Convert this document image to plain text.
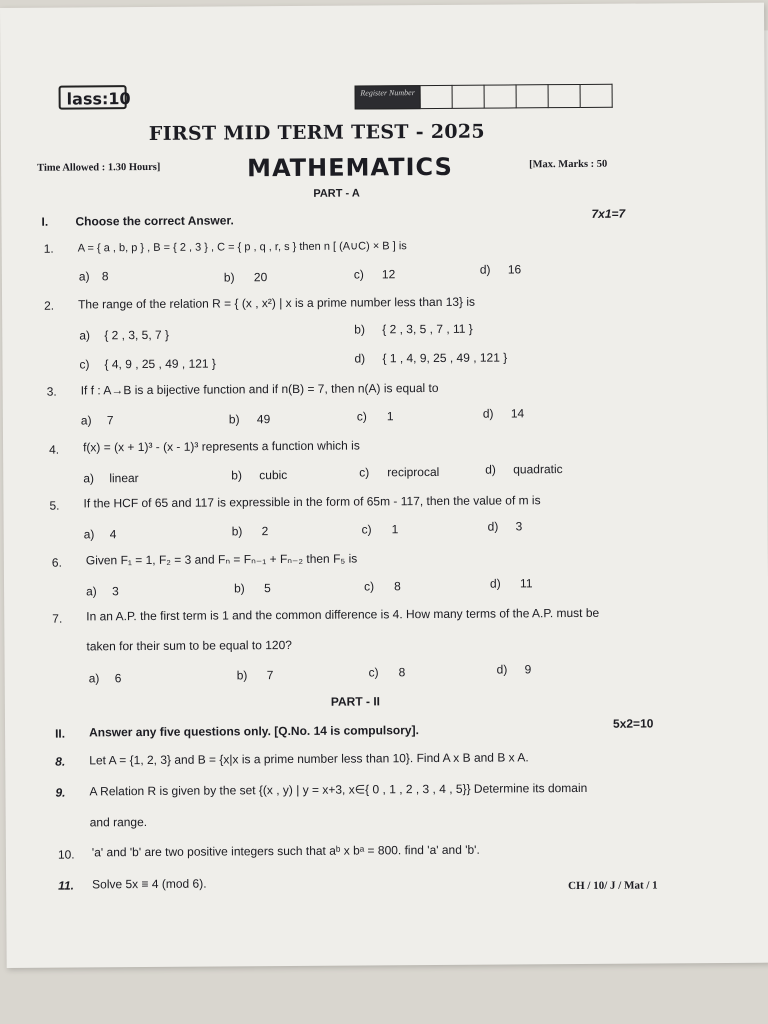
lass:10	Register Number
FIRST MID TERM TEST - 2025
Time Allowed : 1.30 Hours]	MATHEMATICS	[Max. Marks : 50
PART - A
I. Choose the correct Answer.	7x1=7
1. A = { a , b, p } , B = { 2 , 3 } , C = { p , q , r, s } then n [ (A∪C) × B ] is
a) 8	b) 20	c) 12	d) 16
2. The range of the relation R = { (x , x²) | x is a prime number less than 13} is
a) { 2 , 3, 5, 7 }	b) { 2 , 3, 5 , 7 , 11 }
c) { 4, 9 , 25 , 49 , 121 }	d) { 1 , 4, 9, 25 , 49 , 121 }
3. If f : A→B is a bijective function and if n(B) = 7, then n(A) is equal to
a) 7	b) 49	c) 1	d) 14
4. f(x) = (x + 1)³ - (x - 1)³ represents a function which is
a) linear	b) cubic	c) reciprocal	d) quadratic
5. If the HCF of 65 and 117 is expressible in the form of 65m - 117, then the value of m is
a) 4	b) 2	c) 1	d) 3
6. Given F₁ = 1, F₂ = 3 and Fₙ = Fₙ₋₁ + Fₙ₋₂ then F₅ is
a) 3	b) 5	c) 8	d) 11
7. In an A.P. the first term is 1 and the common difference is 4. How many terms of the A.P. must be
taken for their sum to be equal to 120?
a) 6	b) 7	c) 8	d) 9
PART - II
II. Answer any five questions only. [Q.No. 14 is compulsory].	5x2=10
8. Let A = {1, 2, 3} and B = {x|x is a prime number less than 10}. Find A x B and B x A.
9. A Relation R is given by the set {(x , y) | y = x+3, x∈{ 0 , 1 , 2 , 3 , 4 , 5}} Determine its domain
and range.
10. 'a' and 'b' are two positive integers such that aᵇ x bᵃ = 800. find 'a' and 'b'.
11. Solve 5x ≡ 4 (mod 6).	CH / 10/ J / Mat / 1
